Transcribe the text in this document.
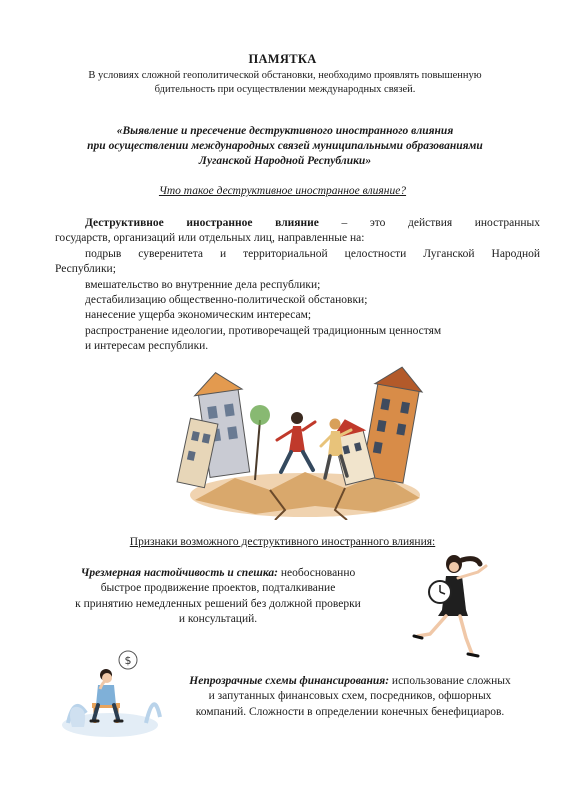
ПАМЯТКА
В условиях сложной геополитической обстановки, необходимо проявлять повышенную
бдительность при осуществлении международных связей.
«Выявление и пресечение деструктивного иностранного влияния
при осуществлении международных связей муниципальными образованиями
Луганской Народной Республики»
Что такое деструктивное иностранное влияние?
Деструктивное иностранное влияние – это действия иностранных
государств, организаций или отдельных лиц, направленные на:
подрыв суверенитета и территориальной целостности Луганской Народной
Республики;
вмешательство во внутренние дела республики;
дестабилизацию общественно-политической обстановки;
нанесение ущерба экономическим интересам;
распространение идеологии, противоречащей традиционным ценностям
и интересам республики.
Признаки возможного деструктивного иностранного влияния:
Чрезмерная настойчивость и спешка: необоснованно
быстрое продвижение проектов, подталкивание
к принятию немедленных решений без должной проверки
и консультаций.
$
Непрозрачные схемы финансирования: использование сложных
и запутанных финансовых схем, посредников, офшорных
компаний. Сложности в определении конечных бенефициаров.
